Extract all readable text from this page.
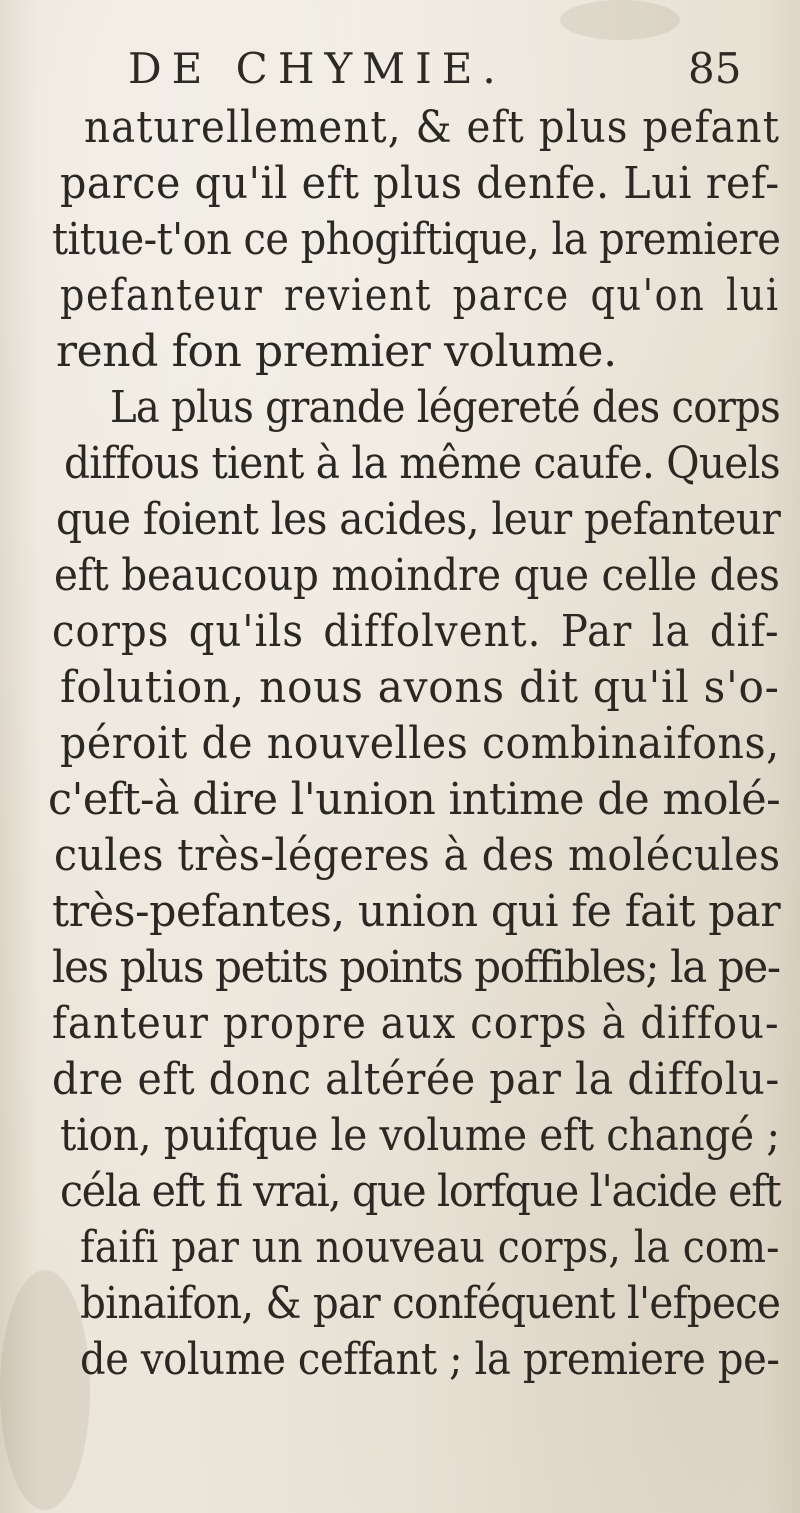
DE CHYMIE.	85
naturellement, & eft plus pefant
parce qu'il eft plus denfe. Lui ref-
titue-t'on ce phogiftique, la premiere
pefanteur revient parce qu'on lui
rend fon premier volume.
La plus grande légereté des corps
diffous tient à la même caufe. Quels
que foient les acides, leur pefanteur
eft beaucoup moindre que celle des
corps qu'ils diffolvent. Par la dif-
folution, nous avons dit qu'il s'o-
péroit de nouvelles combinaifons,
c'eft-à dire l'union intime de molé-
cules très-légeres à des molécules
très-pefantes, union qui fe fait par
les plus petits points poffibles; la pe-
fanteur propre aux corps à diffou-
dre eft donc altérée par la diffolu-
tion, puifque le volume eft changé ;
céla eft fi vrai, que lorfque l'acide eft
faifi par un nouveau corps, la com-
binaifon, & par conféquent l'efpece
de volume ceffant ; la premiere pe-
